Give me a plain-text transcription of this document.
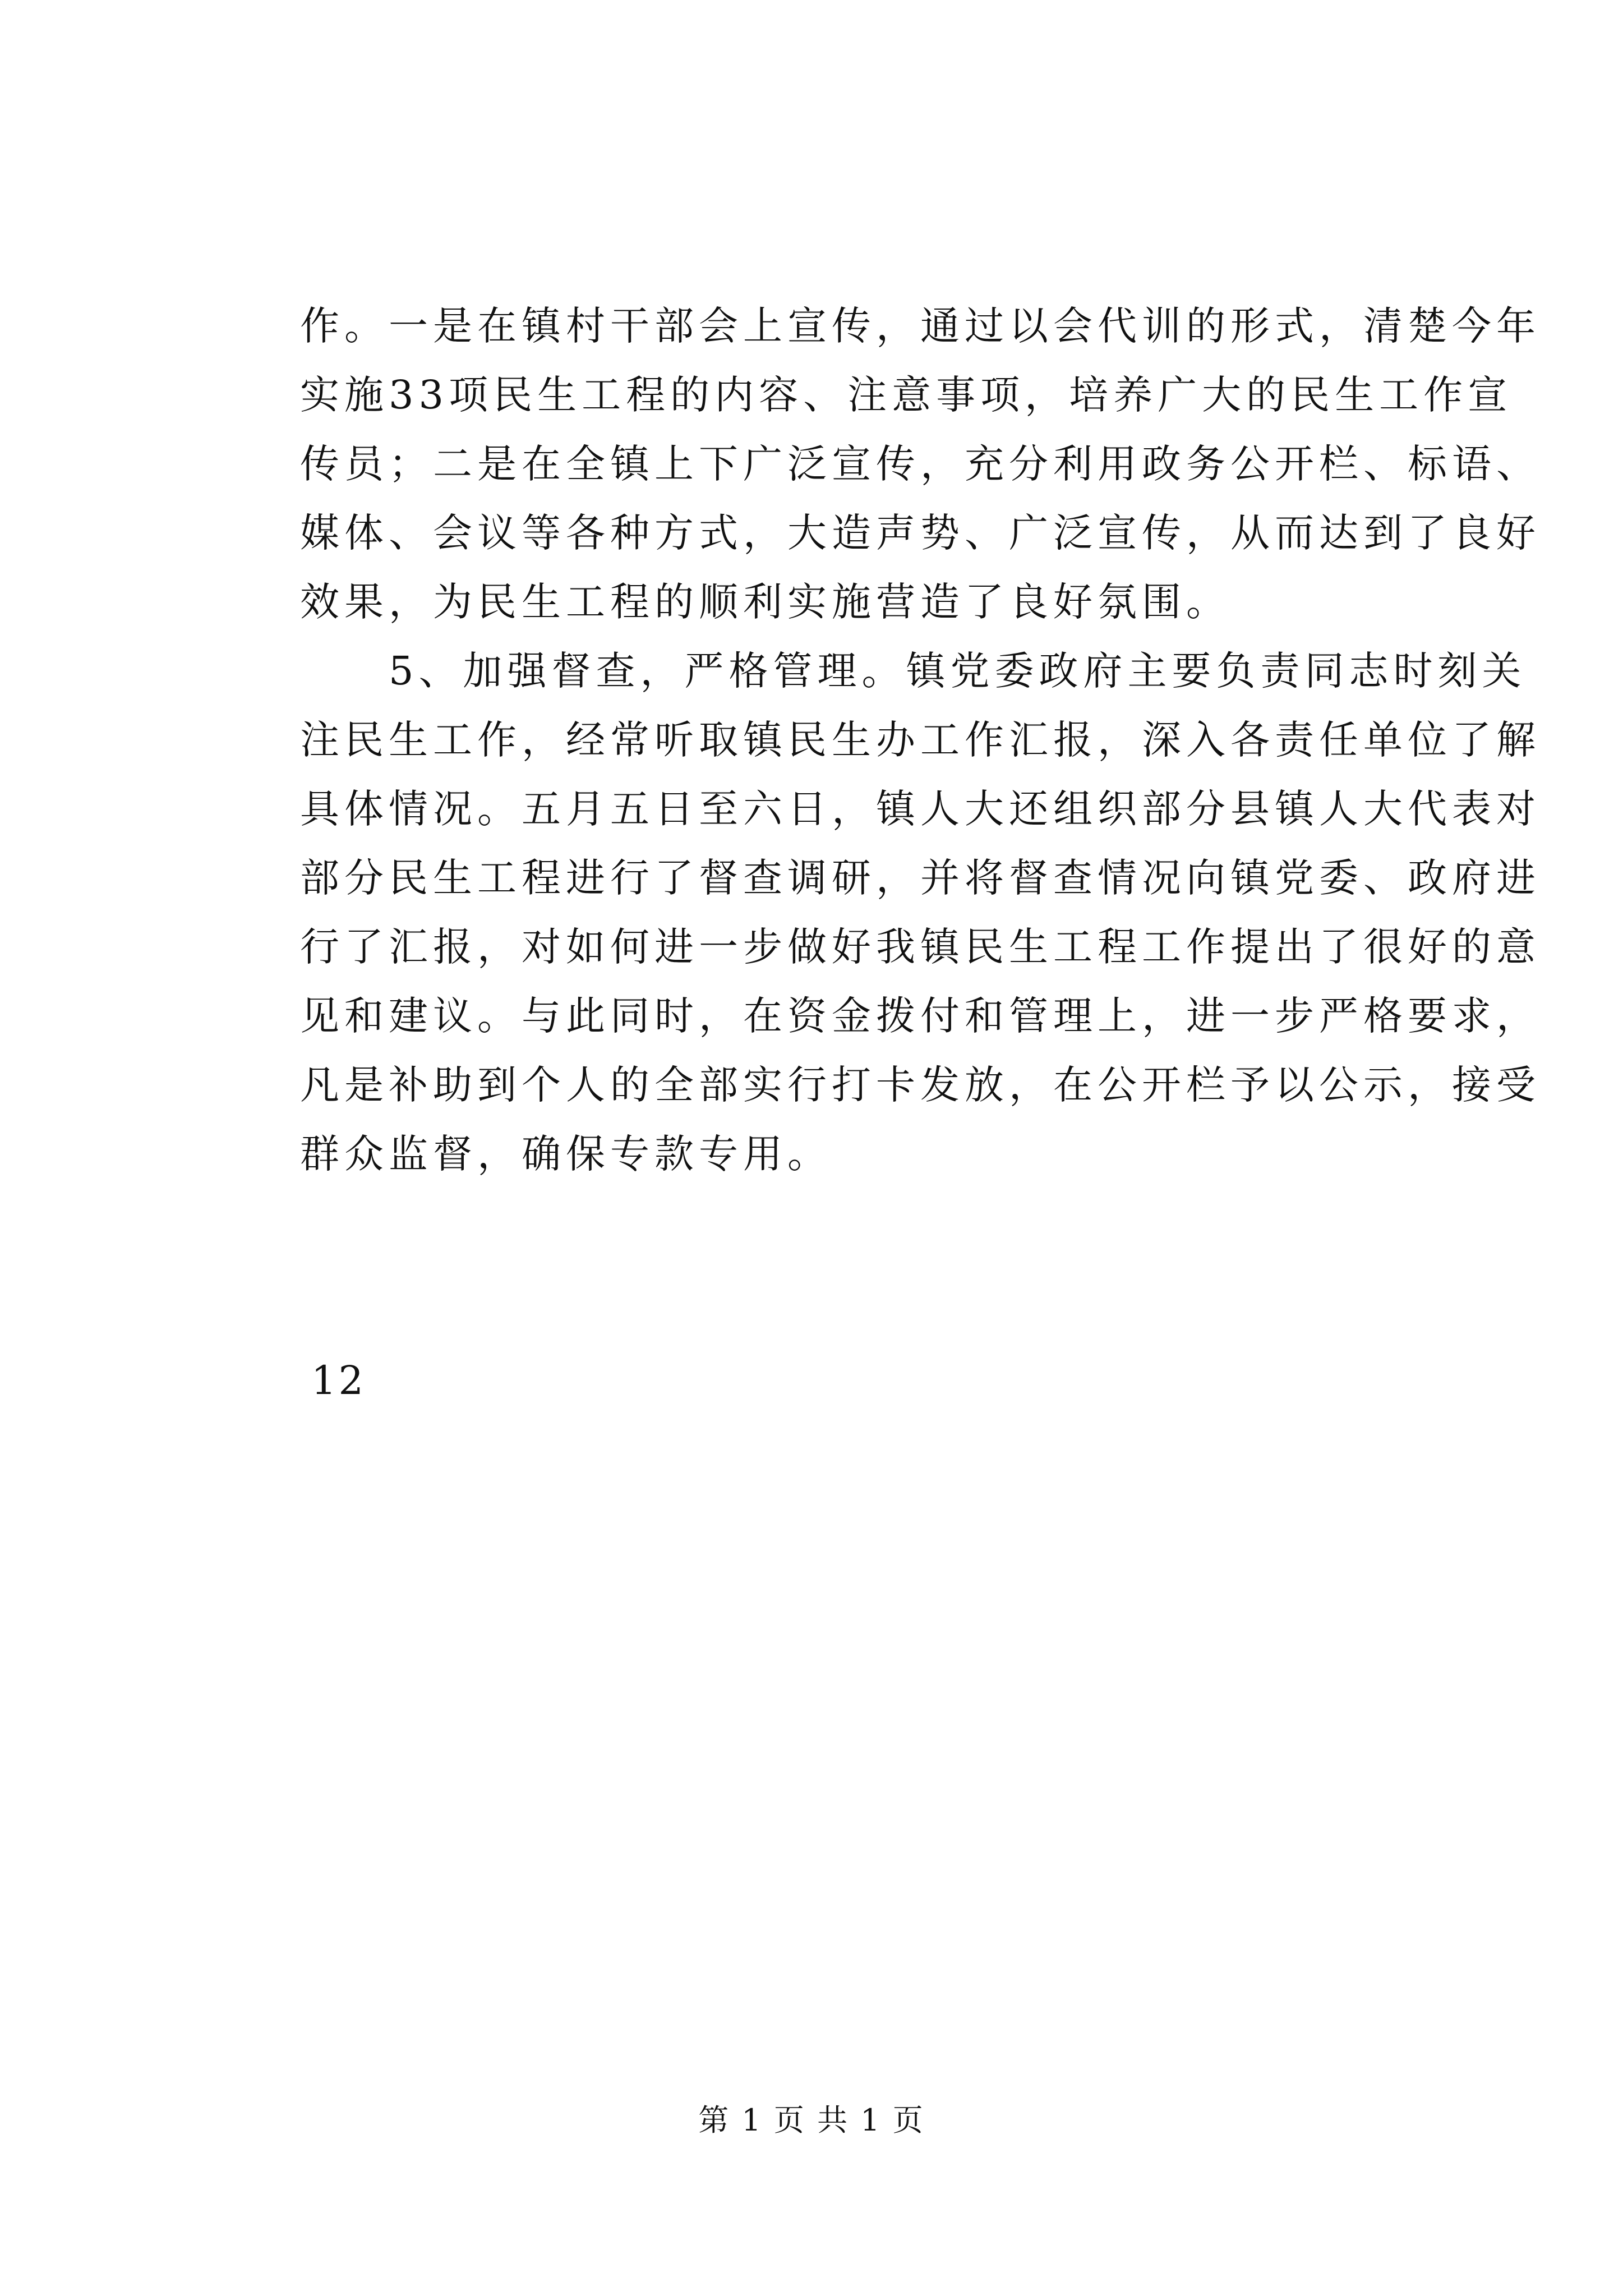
作。一是在镇村干部会上宣传，通过以会代训的形式，清楚今年
实施33项民生工程的内容、注意事项，培养广大的民生工作宣
传员；二是在全镇上下广泛宣传，充分利用政务公开栏、标语、
媒体、会议等各种方式，大造声势、广泛宣传，从而达到了良好
效果，为民生工程的顺利实施营造了良好氛围。
　　5、加强督查，严格管理。镇党委政府主要负责同志时刻关
注民生工作，经常听取镇民生办工作汇报，深入各责任单位了解
具体情况。五月五日至六日，镇人大还组织部分县镇人大代表对
部分民生工程进行了督查调研，并将督查情况向镇党委、政府进
行了汇报，对如何进一步做好我镇民生工程工作提出了很好的意
见和建议。与此同时，在资金拨付和管理上，进一步严格要求，
凡是补助到个人的全部实行打卡发放，在公开栏予以公示，接受
群众监督，确保专款专用。
12
第 1 页 共 1 页
